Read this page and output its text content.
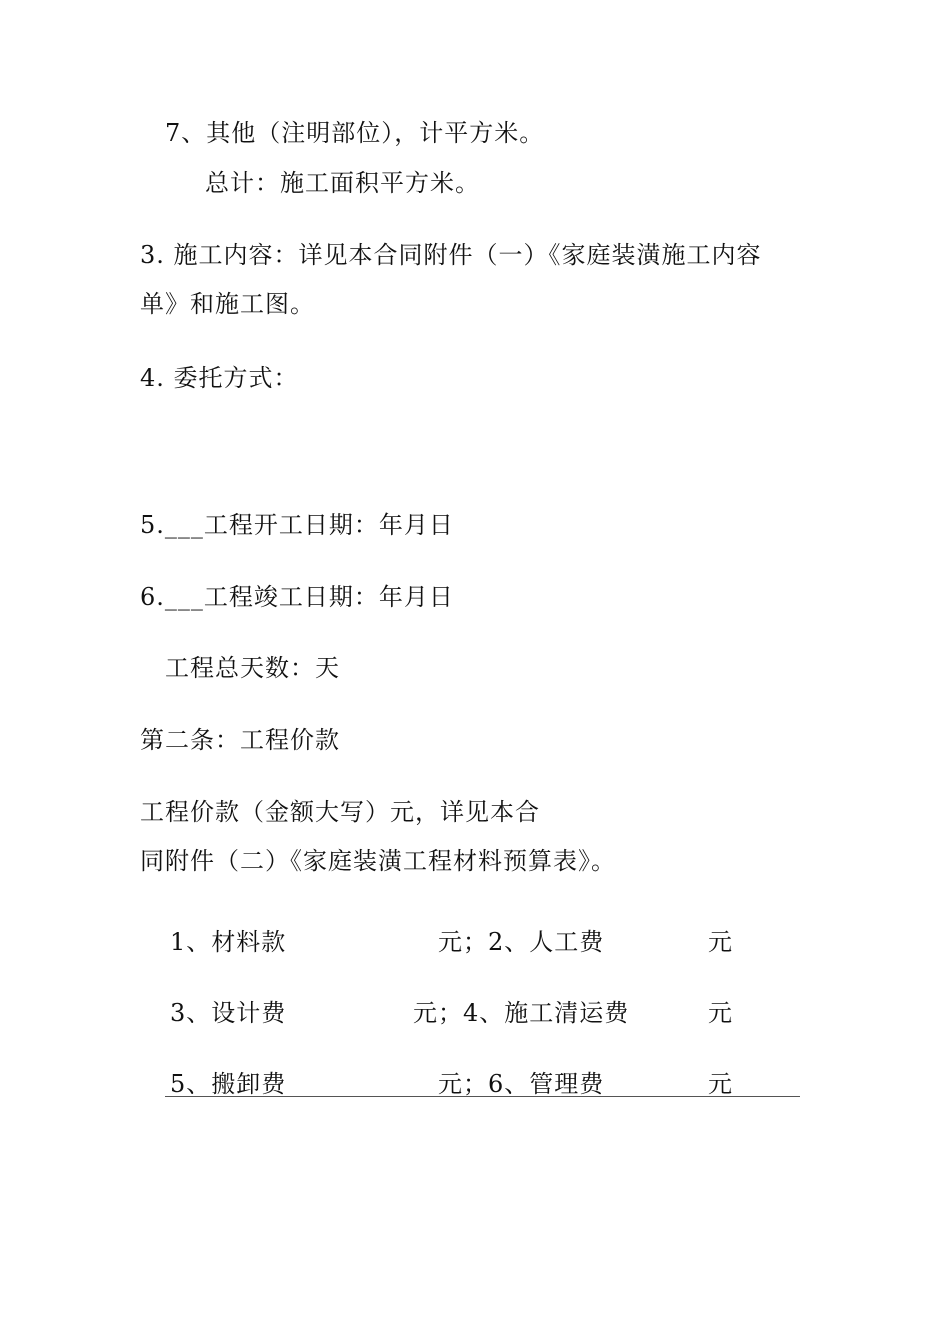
7、其他（注明部位），计平方米。
总计：施工面积平方米。
3. 施工内容：详见本合同附件（一）《家庭装潢施工内容
单》和施工图。
4. 委托方式：
5.___工程开工日期：年月日
6.___工程竣工日期：年月日
工程总天数：天
第二条：工程价款
工程价款（金额大写）元，详见本合
同附件（二）《家庭装潢工程材料预算表》。
1、材料款	元；2、人工费	元
3、设计费	元；4、施工清运费	元
5、搬卸费	元；6、管理费	元
